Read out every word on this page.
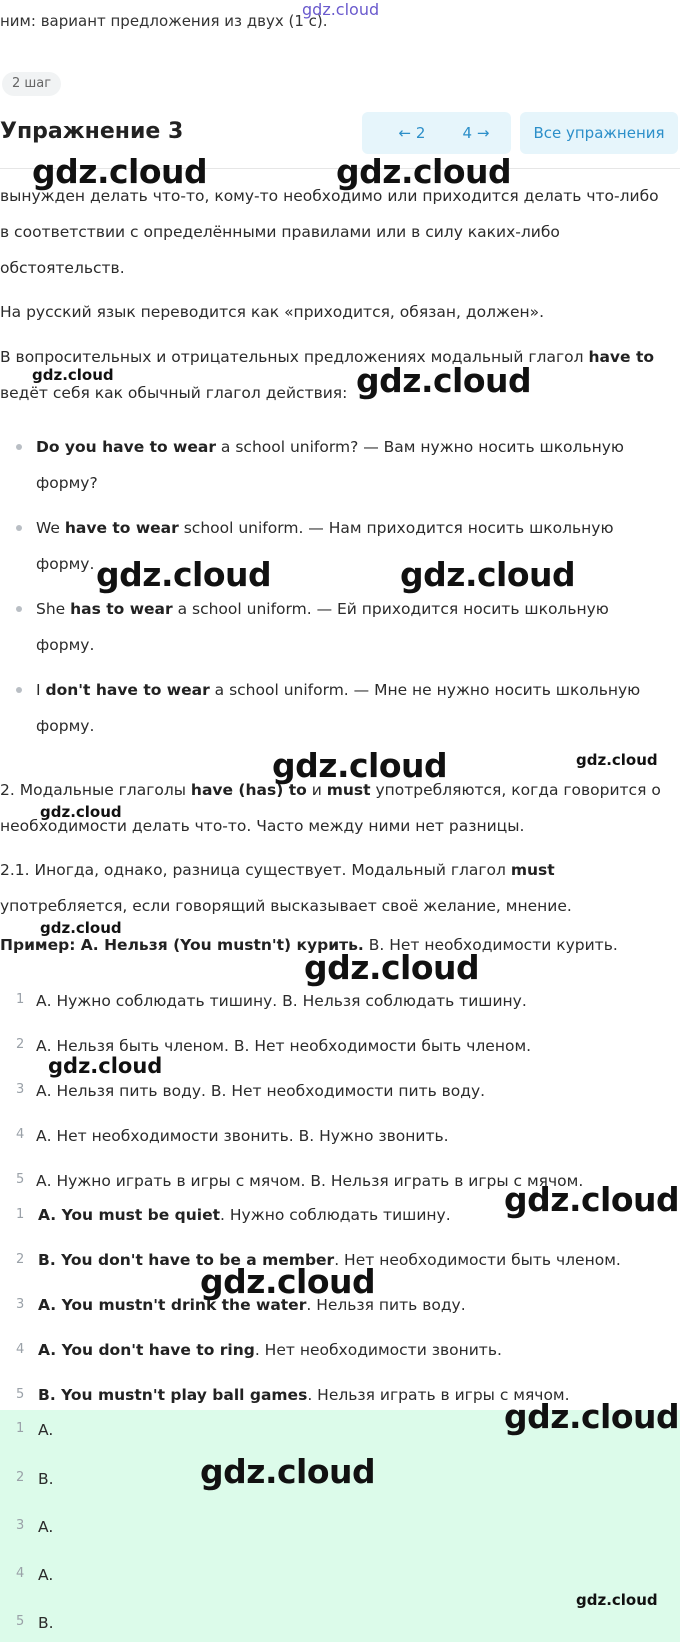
ним: вариант предложения из двух (1 с).
gdz.cloud
2 шаг
Упражнение 3	← 2	4 →	Все упражнения
вынужден делать что-то, кому-то необходимо или приходится делать что-либо
в соответствии с определёнными правилами или в силу каких-либо
обстоятельств.
На русский язык переводится как «приходится, обязан, должен».
В вопросительных и отрицательных предложениях модальный глагол have to
ведёт себя как обычный глагол действия:
Do you have to wear a school uniform? — Вам нужно носить школьную
форму?
We have to wear school uniform. — Нам приходится носить школьную
форму.
She has to wear a school uniform. — Ей приходится носить школьную
форму.
I don't have to wear a school uniform. — Мне не нужно носить школьную
форму.
2. Модальные глаголы have (has) to и must употребляются, когда говорится о
необходимости делать что-то. Часто между ними нет разницы.
2.1. Иногда, однако, разница существует. Модальный глагол must
употребляется, если говорящий высказывает своё желание, мнение.
Пример: А. Нельзя (You mustn't) курить. В. Нет необходимости курить.
1 А. Нужно соблюдать тишину. В. Нельзя соблюдать тишину.
2 А. Нельзя быть членом. В. Нет необходимости быть членом.
3 А. Нельзя пить воду. В. Нет необходимости пить воду.
4 А. Нет необходимости звонить. В. Нужно звонить.
5 А. Нужно играть в игры с мячом. В. Нельзя играть в игры с мячом.
1 A. You must be quiet. Нужно соблюдать тишину.
2 B. You don't have to be a member. Нет необходимости быть членом.
3 A. You mustn't drink the water. Нельзя пить воду.
4 A. You don't have to ring. Нет необходимости звонить.
5 B. You mustn't play ball games. Нельзя играть в игры с мячом.
1 A.
2 B.
3 A.
4 A.
5 B.
gdz.cloud	gdz.cloud
gdz.cloud	gdz.cloud
gdz.cloud	gdz.cloud
gdz.cloud	gdz.cloud
gdz.cloud
gdz.cloud
gdz.cloud
gdz.cloud
gdz.cloud
gdz.cloud
gdz.cloud
gdz.cloud
gdz.cloud
